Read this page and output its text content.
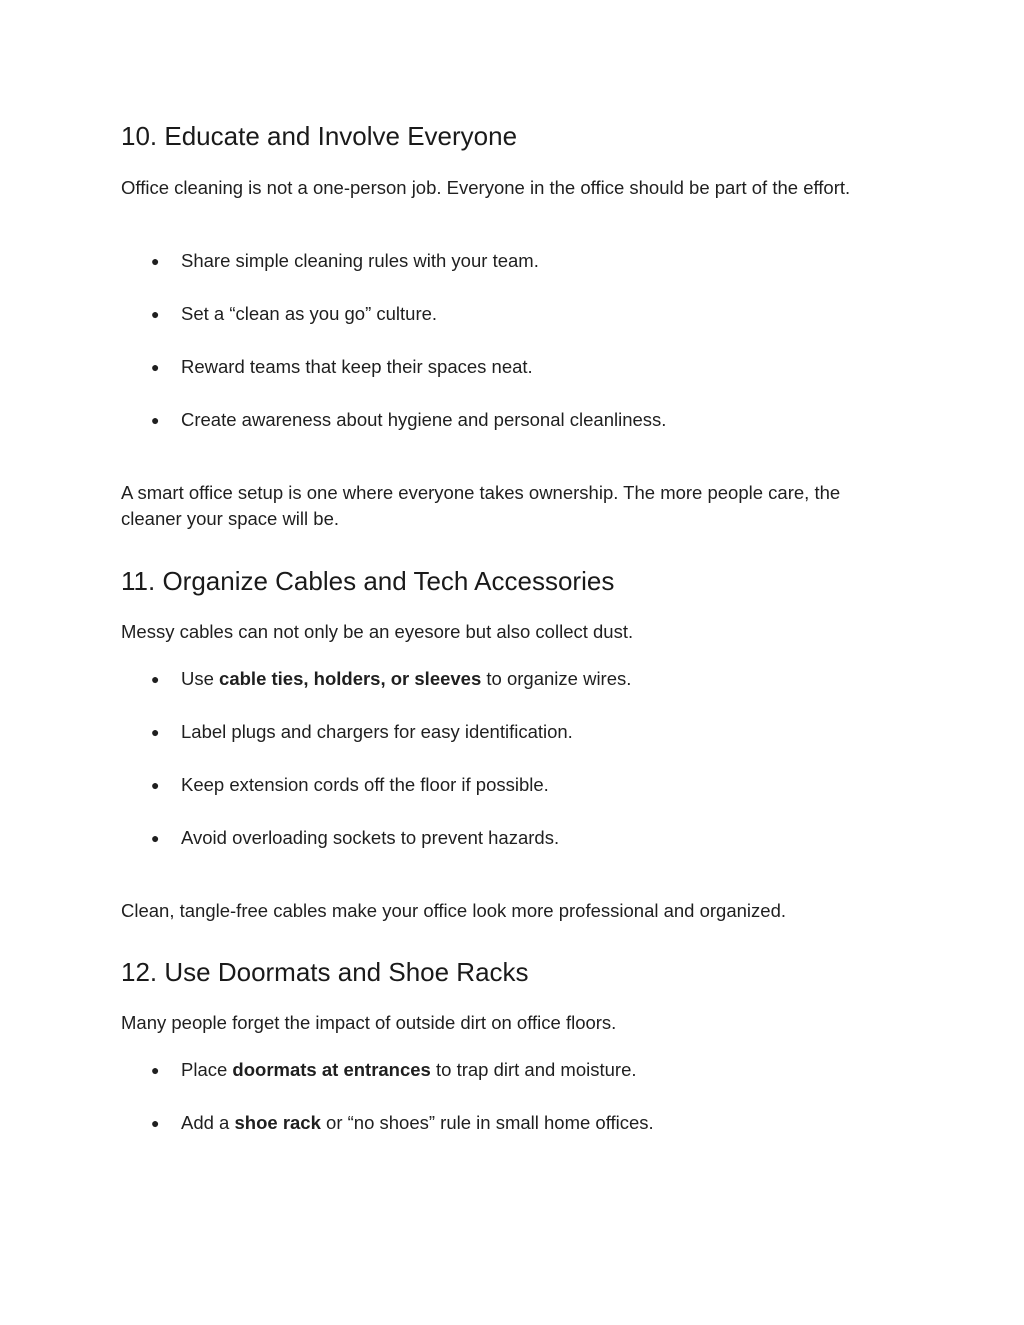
10. Educate and Involve Everyone

Office cleaning is not a one-person job. Everyone in the office should be part of the effort.

● Share simple cleaning rules with your team.
● Set a “clean as you go” culture.
● Reward teams that keep their spaces neat.
● Create awareness about hygiene and personal cleanliness.

A smart office setup is one where everyone takes ownership. The more people care, the cleaner your space will be.

11. Organize Cables and Tech Accessories

Messy cables can not only be an eyesore but also collect dust.

● Use cable ties, holders, or sleeves to organize wires.
● Label plugs and chargers for easy identification.
● Keep extension cords off the floor if possible.
● Avoid overloading sockets to prevent hazards.

Clean, tangle-free cables make your office look more professional and organized.

12. Use Doormats and Shoe Racks

Many people forget the impact of outside dirt on office floors.

● Place doormats at entrances to trap dirt and moisture.
● Add a shoe rack or “no shoes” rule in small home offices.
